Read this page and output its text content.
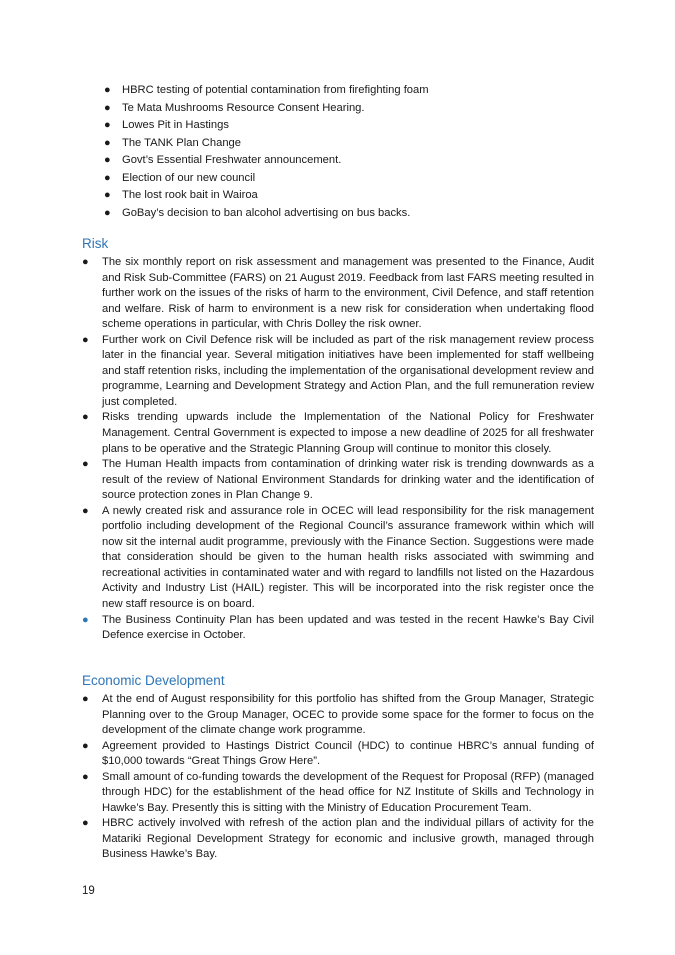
● HBRC testing of potential contamination from firefighting foam
● Te Mata Mushrooms Resource Consent Hearing.
● Lowes Pit in Hastings
● The TANK Plan Change
● Govt’s Essential Freshwater announcement.
● Election of our new council
● The lost rook bait in Wairoa
● GoBay’s decision to ban alcohol advertising on bus backs.
Risk
● The six monthly report on risk assessment and management was presented to the Finance, Audit and Risk Sub-Committee (FARS) on 21 August 2019. Feedback from last FARS meeting resulted in further work on the issues of the risks of harm to the environment, Civil Defence, and staff retention and welfare. Risk of harm to environment is a new risk for consideration when undertaking flood scheme operations in particular, with Chris Dolley the risk owner.
● Further work on Civil Defence risk will be included as part of the risk management review process later in the financial year. Several mitigation initiatives have been implemented for staff wellbeing and staff retention risks, including the implementation of the organisational development review and programme, Learning and Development Strategy and Action Plan, and the full remuneration review just completed.
● Risks trending upwards include the Implementation of the National Policy for Freshwater Management. Central Government is expected to impose a new deadline of 2025 for all freshwater plans to be operative and the Strategic Planning Group will continue to monitor this closely.
● The Human Health impacts from contamination of drinking water risk is trending downwards as a result of the review of National Environment Standards for drinking water and the identification of source protection zones in Plan Change 9.
● A newly created risk and assurance role in OCEC will lead responsibility for the risk management portfolio including development of the Regional Council’s assurance framework within which will now sit the internal audit programme, previously with the Finance Section. Suggestions were made that consideration should be given to the human health risks associated with swimming and recreational activities in contaminated water and with regard to landfills not listed on the Hazardous Activity and Industry List (HAIL) register. This will be incorporated into the risk register once the new staff resource is on board.
● The Business Continuity Plan has been updated and was tested in the recent Hawke’s Bay Civil Defence exercise in October.
Economic Development
● At the end of August responsibility for this portfolio has shifted from the Group Manager, Strategic Planning over to the Group Manager, OCEC to provide some space for the former to focus on the development of the climate change work programme.
● Agreement provided to Hastings District Council (HDC) to continue HBRC’s annual funding of $10,000 towards “Great Things Grow Here”.
● Small amount of co-funding towards the development of the Request for Proposal (RFP) (managed through HDC) for the establishment of the head office for NZ Institute of Skills and Technology in Hawke’s Bay. Presently this is sitting with the Ministry of Education Procurement Team.
● HBRC actively involved with refresh of the action plan and the individual pillars of activity for the Matariki Regional Development Strategy for economic and inclusive growth, managed through Business Hawke’s Bay.
19
